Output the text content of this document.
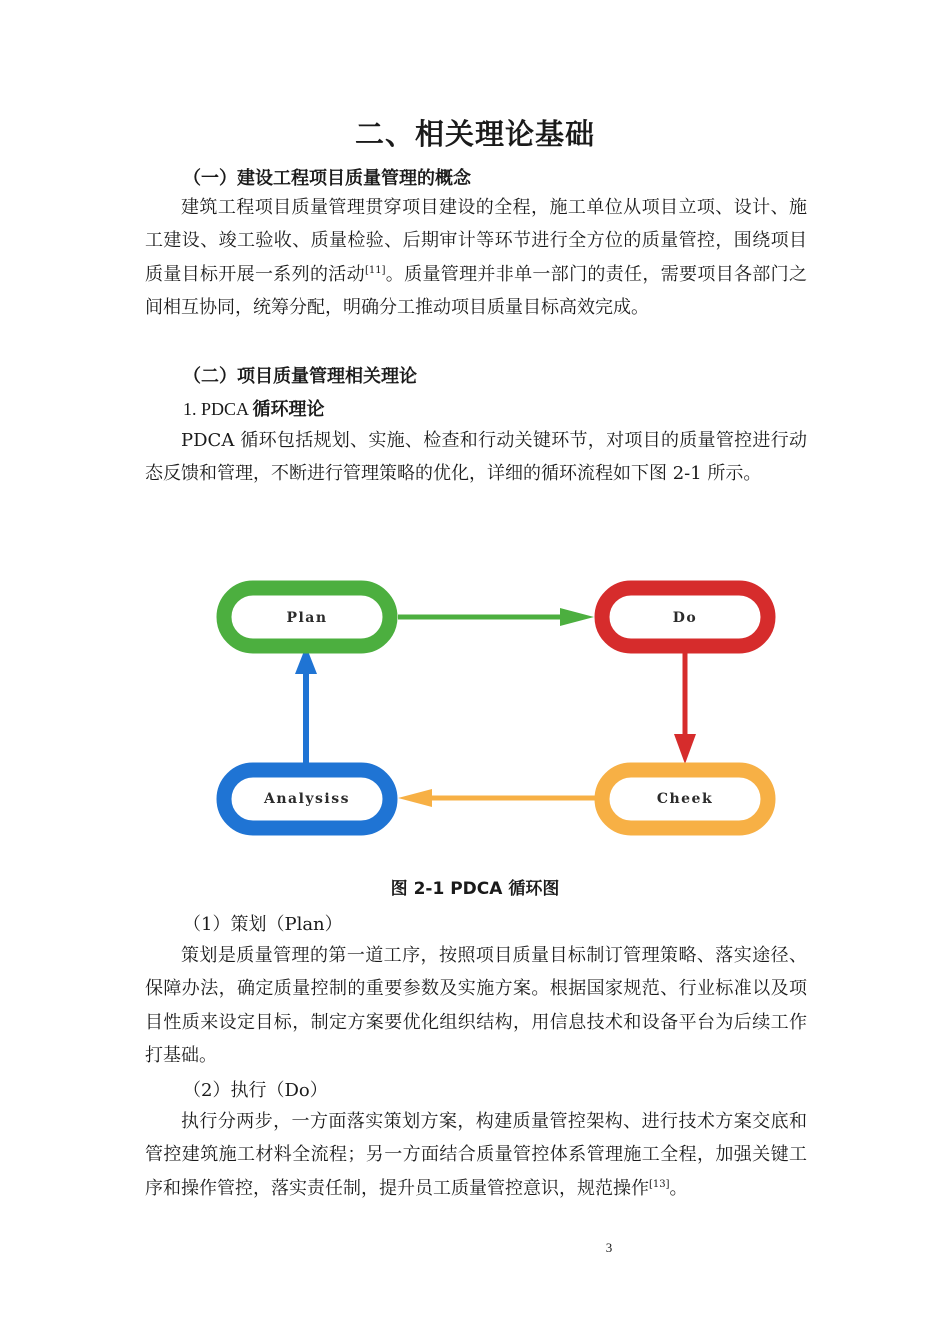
二、相关理论基础
（一）建设工程项目质量管理的概念

建筑工程项目质量管理贯穿项目建设的全程，施工单位从项目立项、设计、施工建设、竣工验收、质量检验、后期审计等环节进行全方位的质量管控，围绕项目质量目标开展一系列的活动[11]。质量管理并非单一部门的责任，需要项目各部门之间相互协同，统筹分配，明确分工推动项目质量目标高效完成。

（二）项目质量管理相关理论
1. PDCA 循环理论

PDCA 循环包括规划、实施、检查和行动关键环节，对项目的质量管控进行动态反馈和管理，不断进行管理策略的优化，详细的循环流程如下图 2-1 所示。

Plan	Do
Cheek
Analysiss
图 2-1 PDCA 循环图
（1）策划（Plan）

策划是质量管理的第一道工序，按照项目质量目标制订管理策略、落实途径、保障办法，确定质量控制的重要参数及实施方案。根据国家规范、行业标准以及项目性质来设定目标，制定方案要优化组织结构，用信息技术和设备平台为后续工作打基础。

（2）执行（Do）

执行分两步，一方面落实策划方案，构建质量管控架构、进行技术方案交底和管控建筑施工材料全流程；另一方面结合质量管控体系管理施工全程，加强关键工序和操作管控，落实责任制，提升员工质量管控意识，规范操作[13]。

3
